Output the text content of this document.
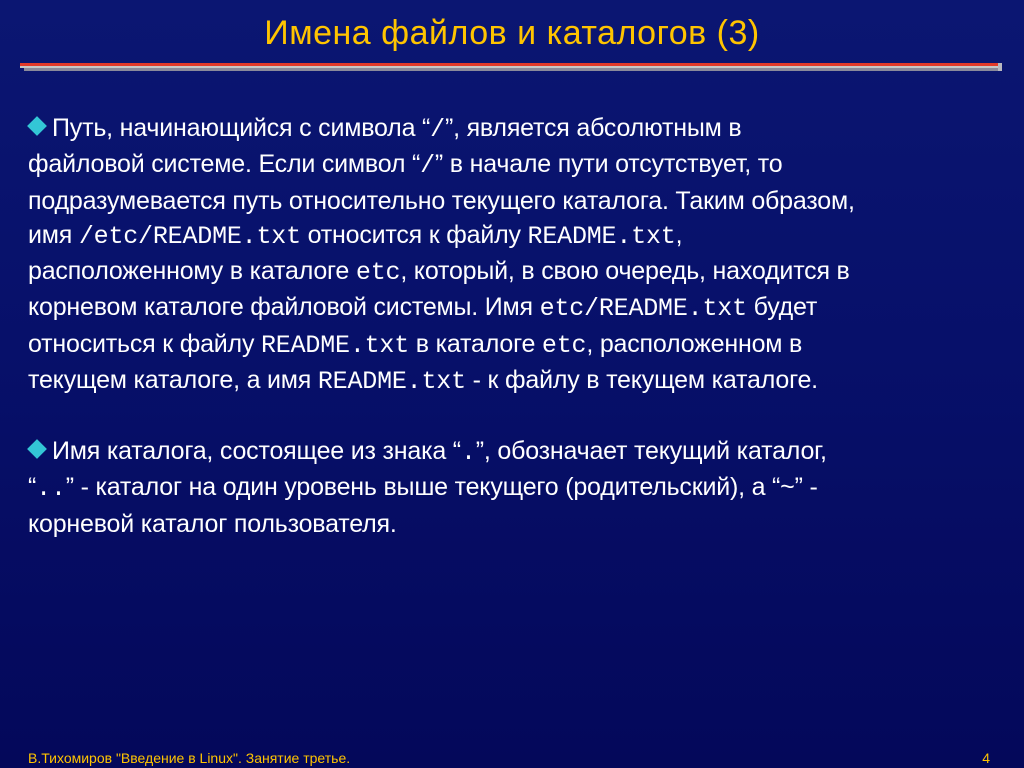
Имена файлов и каталогов (3)
Путь, начинающийся с символа “/”, является абсолютным в
файловой системе. Если символ “/” в начале пути отсутствует, то
подразумевается путь относительно текущего каталога. Таким образом,
имя /etc/README.txt относится к файлу README.txt,
расположенному в каталоге etc, который, в свою очередь, находится в
корневом каталоге файловой системы. Имя etc/README.txt будет
относиться к файлу README.txt в каталоге etc, расположенном в
текущем каталоге, а имя README.txt - к файлу в текущем каталоге.
Имя каталога, состоящее из знака “.”, обозначает текущий каталог,
“..” - каталог на один уровень выше текущего (родительский), а “~” -
корневой каталог пользователя.
В.Тихомиров "Введение в Linux". Занятие третье.	4
